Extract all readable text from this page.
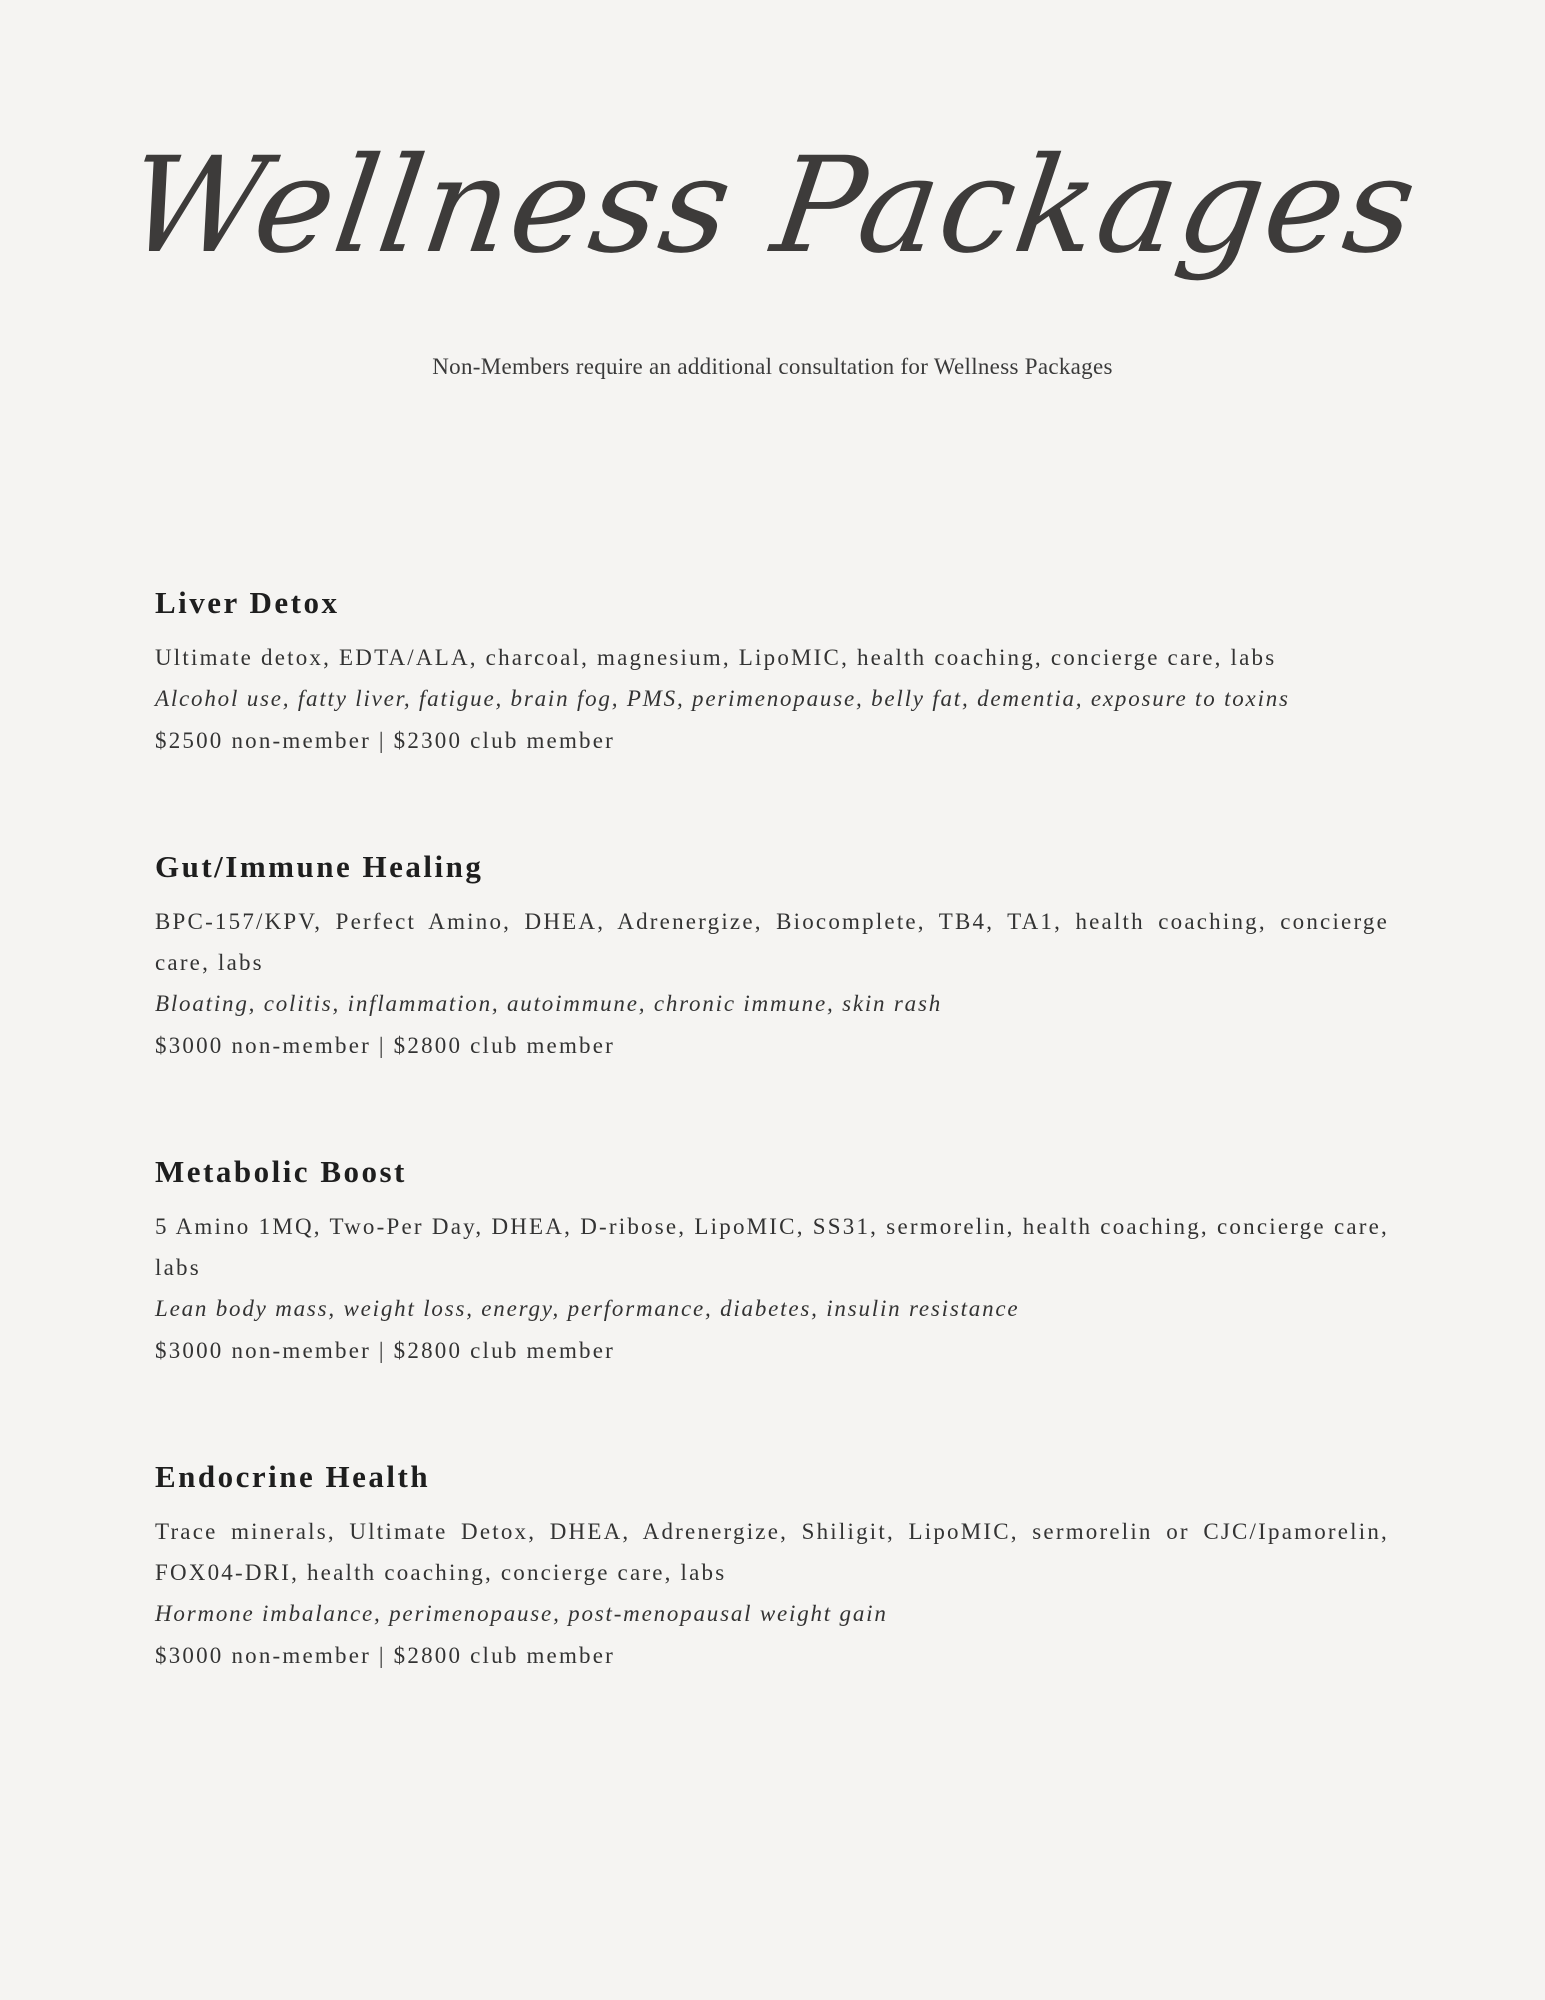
Wellness Packages
Non-Members require an additional consultation for Wellness Packages
Liver Detox

Ultimate detox, EDTA/ALA, charcoal, magnesium, LipoMIC, health coaching, concierge care, labs

Alcohol use, fatty liver, fatigue, brain fog, PMS, perimenopause, belly fat, dementia, exposure to toxins

$2500 non-member | $2300 club member

Gut/Immune Healing

BPC-157/KPV, Perfect Amino, DHEA, Adrenergize, Biocomplete, TB4, TA1, health coaching, concierge care, labs

Bloating, colitis, inflammation, autoimmune, chronic immune, skin rash

$3000 non-member | $2800 club member

Metabolic Boost

5 Amino 1MQ, Two-Per Day, DHEA, D-ribose, LipoMIC, SS31, sermorelin, health coaching, concierge care, labs

Lean body mass, weight loss, energy, performance, diabetes, insulin resistance

$3000 non-member | $2800 club member

Endocrine Health

Trace minerals, Ultimate Detox, DHEA, Adrenergize, Shiligit, LipoMIC, sermorelin or CJC/Ipamorelin, FOX04-DRI, health coaching, concierge care, labs

Hormone imbalance, perimenopause, post-menopausal weight gain

$3000 non-member | $2800 club member
